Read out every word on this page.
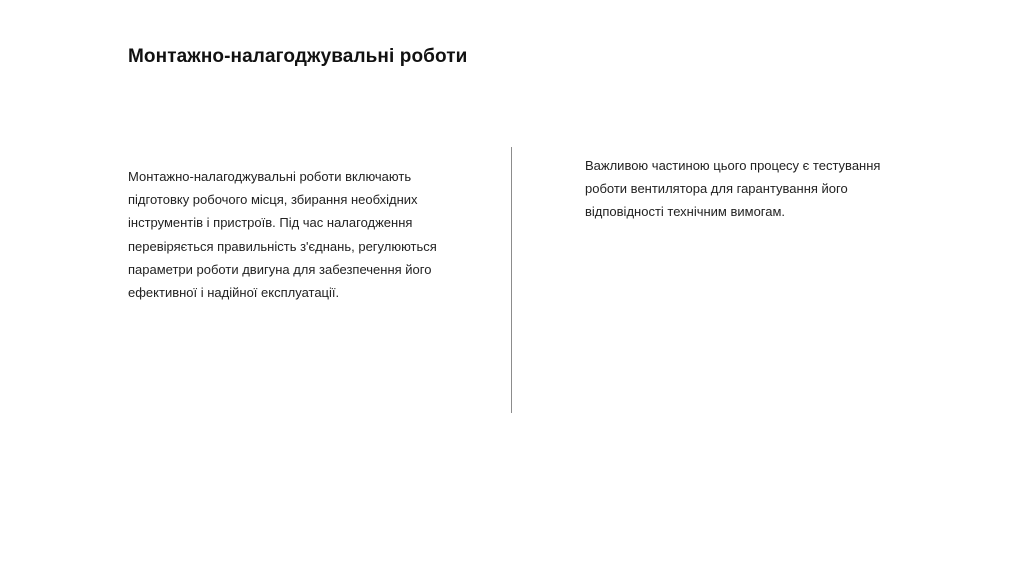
Монтажно-налагоджувальні роботи
Монтажно-налагоджувальні роботи включають
підготовку робочого місця, збирання необхідних
інструментів і пристроїв. Під час налагодження
перевіряється правильність з'єднань, регулюються
параметри роботи двигуна для забезпечення його
ефективної і надійної експлуатації.
Важливою частиною цього процесу є тестування
роботи вентилятора для гарантування його
відповідності технічним вимогам.
